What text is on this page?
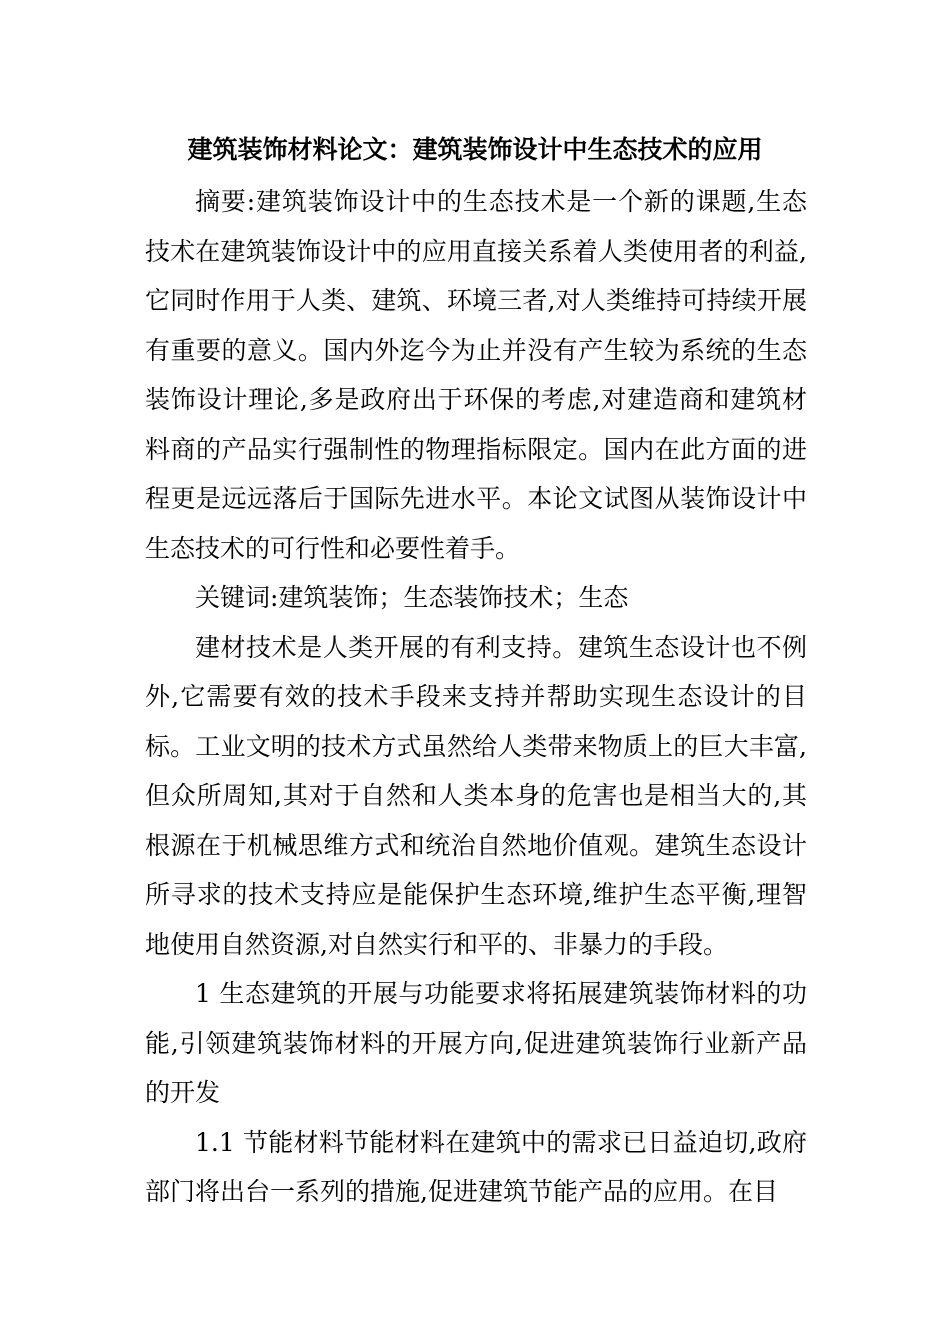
建筑装饰材料论文：建筑装饰设计中生态技术的应用

摘要:建筑装饰设计中的生态技术是一个新的课题,生态技术在建筑装饰设计中的应用直接关系着人类使用者的利益,它同时作用于人类、建筑、环境三者,对人类维持可持续开展有重要的意义。国内外迄今为止并没有产生较为系统的生态装饰设计理论,多是政府出于环保的考虑,对建造商和建筑材料商的产品实行强制性的物理指标限定。国内在此方面的进程更是远远落后于国际先进水平。本论文试图从装饰设计中生态技术的可行性和必要性着手。

关键词:建筑装饰；生态装饰技术；生态

建材技术是人类开展的有利支持。建筑生态设计也不例外,它需要有效的技术手段来支持并帮助实现生态设计的目标。工业文明的技术方式虽然给人类带来物质上的巨大丰富,但众所周知,其对于自然和人类本身的危害也是相当大的,其根源在于机械思维方式和统治自然地价值观。建筑生态设计所寻求的技术支持应是能保护生态环境,维护生态平衡,理智地使用自然资源,对自然实行和平的、非暴力的手段。

1 生态建筑的开展与功能要求将拓展建筑装饰材料的功能,引领建筑装饰材料的开展方向,促进建筑装饰行业新产品的开发

1.1 节能材料节能材料在建筑中的需求已日益迫切,政府部门将出台一系列的措施,促进建筑节能产品的应用。在目
